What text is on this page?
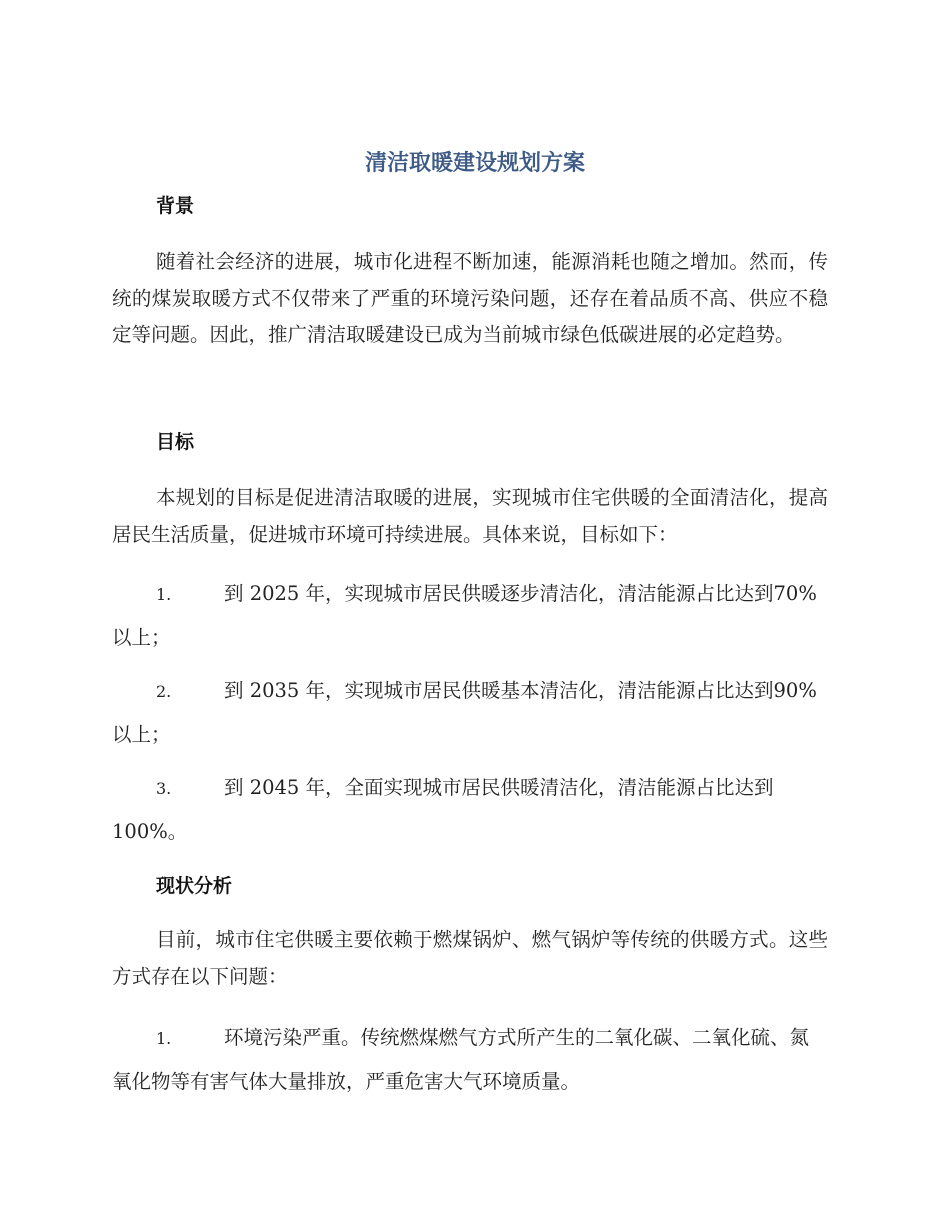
清洁取暖建设规划方案
背景

随着社会经济的进展，城市化进程不断加速，能源消耗也随之增加。然而，传统的煤炭取暖方式不仅带来了严重的环境污染问题，还存在着品质不高、供应不稳定等问题。因此，推广清洁取暖建设已成为当前城市绿色低碳进展的必定趋势。

目标

本规划的目标是促进清洁取暖的进展，实现城市住宅供暖的全面清洁化，提高居民生活质量，促进城市环境可持续进展。具体来说，目标如下：

1.	到 2025 年，实现城市居民供暖逐步清洁化，清洁能源占比达到70%以上；
2.	到 2035 年，实现城市居民供暖基本清洁化，清洁能源占比达到90%以上；
3.	到 2045 年，全面实现城市居民供暖清洁化，清洁能源占比达到100%。
现状分析

目前，城市住宅供暖主要依赖于燃煤锅炉、燃气锅炉等传统的供暖方式。这些方式存在以下问题：

1.	环境污染严重。传统燃煤燃气方式所产生的二氧化碳、二氧化硫、氮氧化物等有害气体大量排放，严重危害大气环境质量。
